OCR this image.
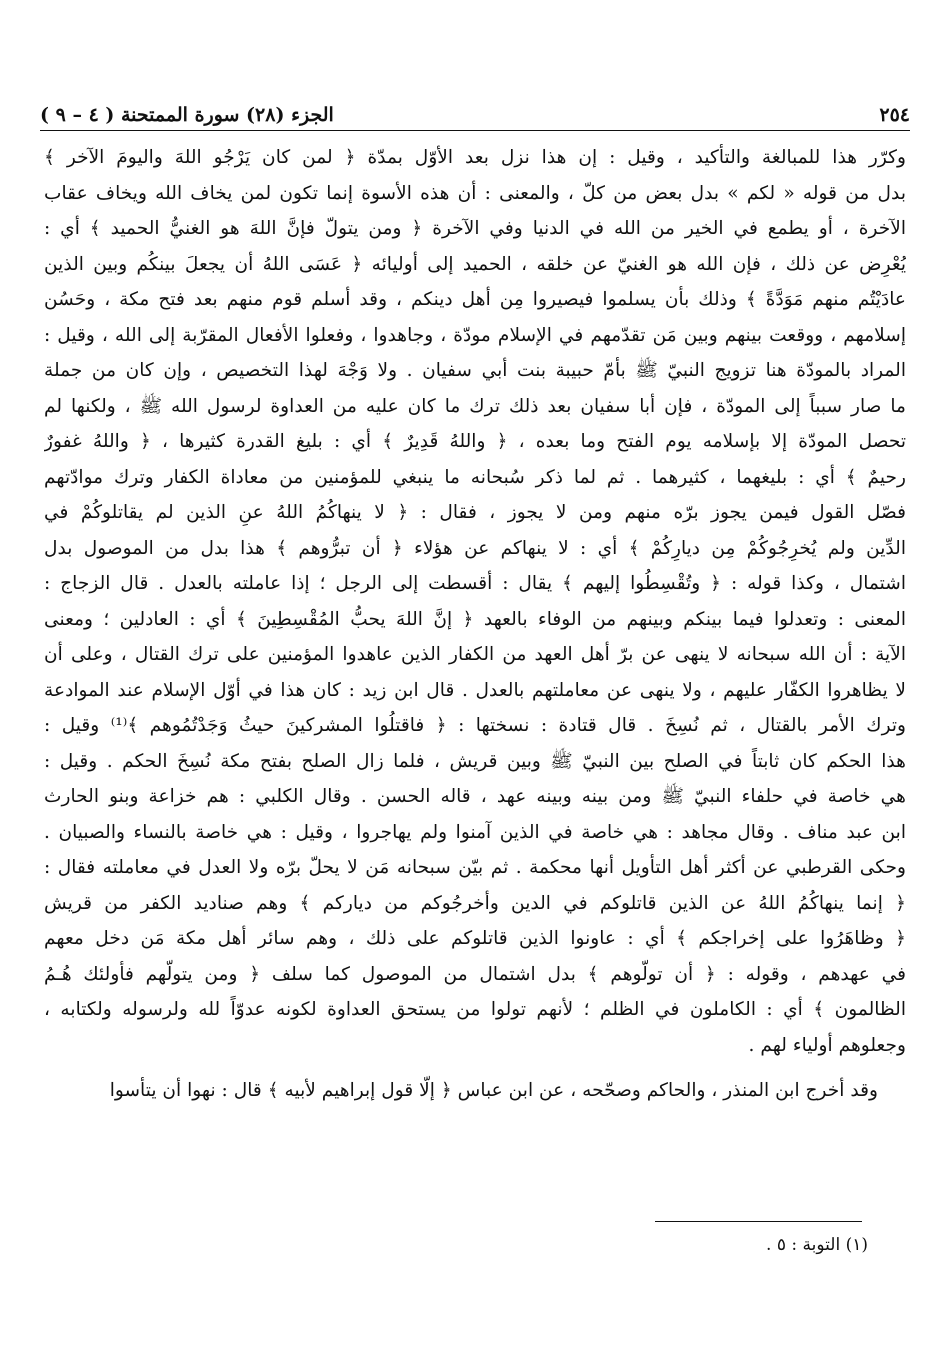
٢٥٤
الجزء (٢٨) سورة الممتحنة ( ٤ – ٩ )
وكرّر هذا للمبالغة والتأكيد ، وقيل : إن هذا نزل بعد الأوّل بمدّة ﴿ لمن كان يَرْجُو اللهَ واليومَ الآخر ﴾
بدل من قوله « لكم » بدل بعض من كلّ ، والمعنى : أن هذه الأسوة إنما تكون لمن يخاف الله ويخاف عقاب
الآخرة ، أو يطمع في الخير من الله في الدنيا وفي الآخرة ﴿ ومن يتولّ فإنَّ اللهَ هو الغنيُّ الحميد ﴾ أي :
يُعْرِض عن ذلك ، فإن الله هو الغنيّ عن خلقه ، الحميد إلى أوليائه ﴿ عَسَى اللهُ أن يجعلَ بينكُم وبين الذين
عادَيْتُم منهم مَوَدَّةً ﴾ وذلك بأن يسلموا فيصيروا مِن أهل دينكم ، وقد أسلم قوم منهم بعد فتح مكة ، وحَسُن
إسلامهم ، ووقعت بينهم وبين مَن تقدّمهم في الإسلام مودّة ، وجاهدوا ، وفعلوا الأفعال المقرّبة إلى الله ، وقيل :
المراد بالمودّة هنا تزويج النبيّ ﷺ بأمّ حبيبة بنت أبي سفيان . ولا وَجْهَ لهذا التخصيص ، وإن كان من جملة
ما صار سبباً إلى المودّة ، فإن أبا سفيان بعد ذلك ترك ما كان عليه من العداوة لرسول الله ﷺ ، ولكنها لم
تحصل المودّة إلا بإسلامه يوم الفتح وما بعده ، ﴿ واللهُ قَدِيرٌ ﴾ أي : بليغ القدرة كثيرها ، ﴿ واللهُ غفورٌ
رحيمٌ ﴾ أي : بليغهما ، كثيرهما . ثم لما ذكر سُبحانه ما ينبغي للمؤمنين من معاداة الكفار وترك موادّتهم
فصّل القول فيمن يجوز برّه منهم ومن لا يجوز ، فقال : ﴿ لا ينهاكُمُ اللهُ عنِ الذين لم يقاتلوكُمْ في
الدِّين ولم يُخرِجُوكُمْ مِن ديارِكُمْ ﴾ أي : لا ينهاكم عن هؤلاء ﴿ أن تبرُّوهم ﴾ هذا بدل من الموصول بدل
اشتمال ، وكذا قوله : ﴿ وتُقْسِطُوا إليهم ﴾ يقال : أقسطت إلى الرجل ؛ إذا عاملته بالعدل . قال الزجاج :
المعنى : وتعدلوا فيما بينكم وبينهم من الوفاء بالعهد ﴿ إنَّ اللهَ يحبُّ المُقْسِطِينَ ﴾ أي : العادلين ؛ ومعنى
الآية : أن الله سبحانه لا ينهى عن برّ أهل العهد من الكفار الذين عاهدوا المؤمنين على ترك القتال ، وعلى أن
لا يظاهروا الكفّار عليهم ، ولا ينهى عن معاملتهم بالعدل . قال ابن زيد : كان هذا في أوّل الإسلام عند الموادعة
وترك الأمر بالقتال ، ثم نُسِخَ . قال قتادة : نسختها : ﴿ فاقتلُوا المشركينَ حيثُ وَجَدْتُمُوهم ﴾⁽¹⁾ وقيل :
هذا الحكم كان ثابتاً في الصلح بين النبيّ ﷺ وبين قريش ، فلما زال الصلح بفتح مكة نُسِخَ الحكم . وقيل :
هي خاصة في حلفاء النبيّ ﷺ ومن بينه وبينه عهد ، قاله الحسن . وقال الكلبي : هم خزاعة وبنو الحارث
ابن عبد مناف . وقال مجاهد : هي خاصة في الذين آمنوا ولم يهاجروا ، وقيل : هي خاصة بالنساء والصبيان .
وحكى القرطبي عن أكثر أهل التأويل أنها محكمة . ثم بيّن سبحانه مَن لا يحلّ برّه ولا العدل في معاملته فقال :
﴿ إنما ينهاكُمُ اللهُ عن الذين قاتلوكم في الدين وأخرجُوكم من دياركم ﴾ وهم صناديد الكفر من قريش
﴿ وظاهَرُوا على إخراجكم ﴾ أي : عاونوا الذين قاتلوكم على ذلك ، وهم سائر أهل مكة مَن دخل معهم
في عهدهم ، وقوله : ﴿ أن تولّوهم ﴾ بدل اشتمال من الموصول كما سلف ﴿ ومن يتولّهم فأولئك هُـمُ
الظالمون ﴾ أي : الكاملون في الظلم ؛ لأنهم تولوا من يستحق العداوة لكونه عدوّاً لله ولرسوله ولكتابه ،
وجعلوهم أولياء لهم .
وقد أخرج ابن المنذر ، والحاكم وصحّحه ، عن ابن عباس ﴿ إلّا قول إبراهيم لأبيه ﴾ قال : نهوا أن يتأسوا
(١) التوبة : ٥ .
